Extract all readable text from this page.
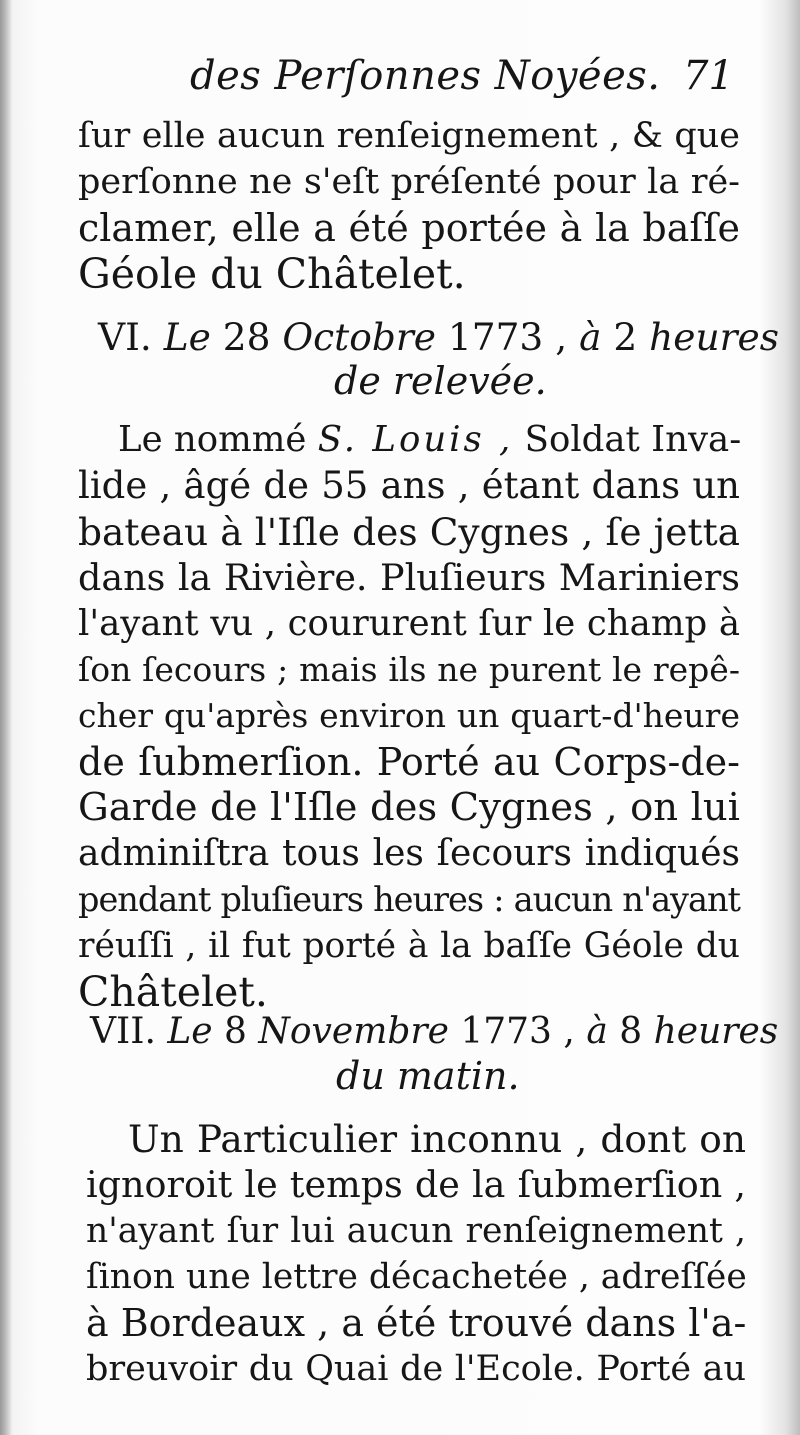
des Perſonnes Noyées. 71
ſur elle aucun renſeignement , & que
perſonne ne s'eſt préſenté pour la ré-
clamer, elle a été portée à la baſſe
Géole du Châtelet.
VI. Le 28 Octobre 1773 , à 2 heures
de relevée.
Le nommé S. Louis , Soldat Inva-
lide , âgé de 55 ans , étant dans un
bateau à l'Iſle des Cygnes , ſe jetta
dans la Rivière. Pluſieurs Mariniers
l'ayant vu , coururent ſur le champ à
ſon ſecours ; mais ils ne purent le repê-
cher qu'après environ un quart-d'heure
de ſubmerſion. Porté au Corps-de-
Garde de l'Iſle des Cygnes , on lui
adminiſtra tous les ſecours indiqués
pendant pluſieurs heures : aucun n'ayant
réuſſi , il fut porté à la baſſe Géole du
Châtelet.
VII. Le 8 Novembre 1773 , à 8 heures
du matin.
Un Particulier inconnu , dont on
ignoroit le temps de la ſubmerſion ,
n'ayant ſur lui aucun renſeignement ,
ſinon une lettre décachetée , adreſſée
à Bordeaux , a été trouvé dans l'a-
breuvoir du Quai de l'Ecole. Porté au
